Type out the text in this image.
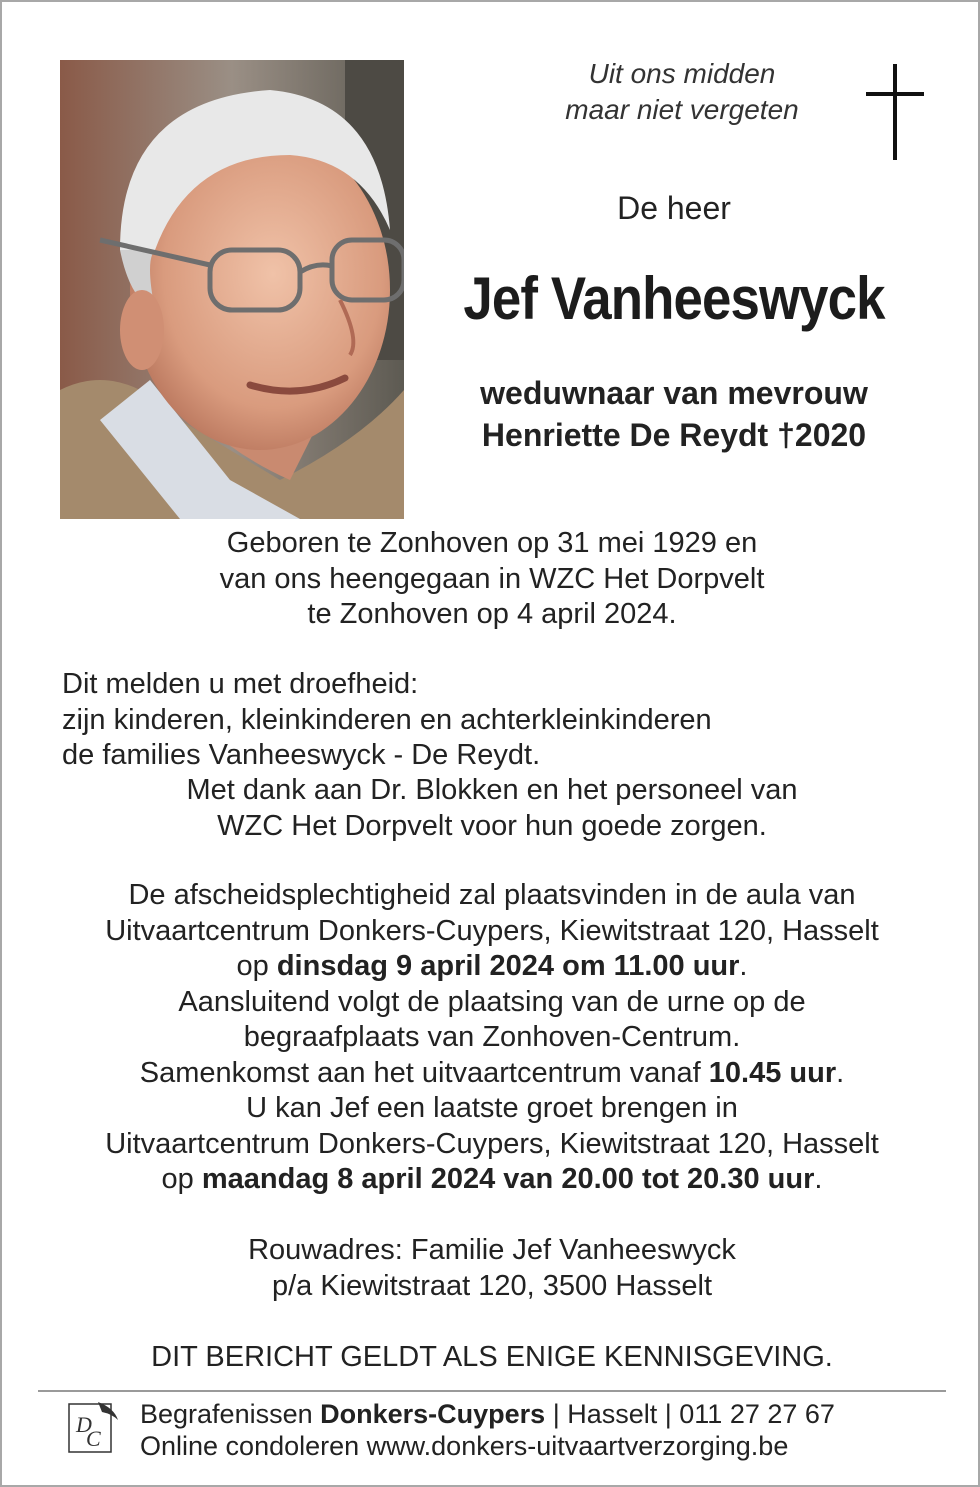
Uit ons midden
maar niet vergeten
De heer
Jef Vanheeswyck
weduwnaar van mevrouw
Henriette De Reydt †2020
Geboren te Zonhoven op 31 mei 1929 en
van ons heengegaan in WZC Het Dorpvelt
te Zonhoven op 4 april 2024.
Dit melden u met droefheid:
zijn kinderen, kleinkinderen en achterkleinkinderen
de families Vanheeswyck - De Reydt.
Met dank aan Dr. Blokken en het personeel van
WZC Het Dorpvelt voor hun goede zorgen.
De afscheidsplechtigheid zal plaatsvinden in de aula van
Uitvaartcentrum Donkers-Cuypers, Kiewitstraat 120, Hasselt
op dinsdag 9 april 2024 om 11.00 uur.
Aansluitend volgt de plaatsing van de urne op de
begraafplaats van Zonhoven-Centrum.
Samenkomst aan het uitvaartcentrum vanaf 10.45 uur.
U kan Jef een laatste groet brengen in
Uitvaartcentrum Donkers-Cuypers, Kiewitstraat 120, Hasselt
op maandag 8 april 2024 van 20.00 tot 20.30 uur.
Rouwadres: Familie Jef Vanheeswyck
p/a Kiewitstraat 120, 3500 Hasselt
DIT BERICHT GELDT ALS ENIGE KENNISGEVING.
D
C
Begrafenissen Donkers-Cuypers | Hasselt | 011 27 27 67
Online condoleren www.donkers-uitvaartverzorging.be
